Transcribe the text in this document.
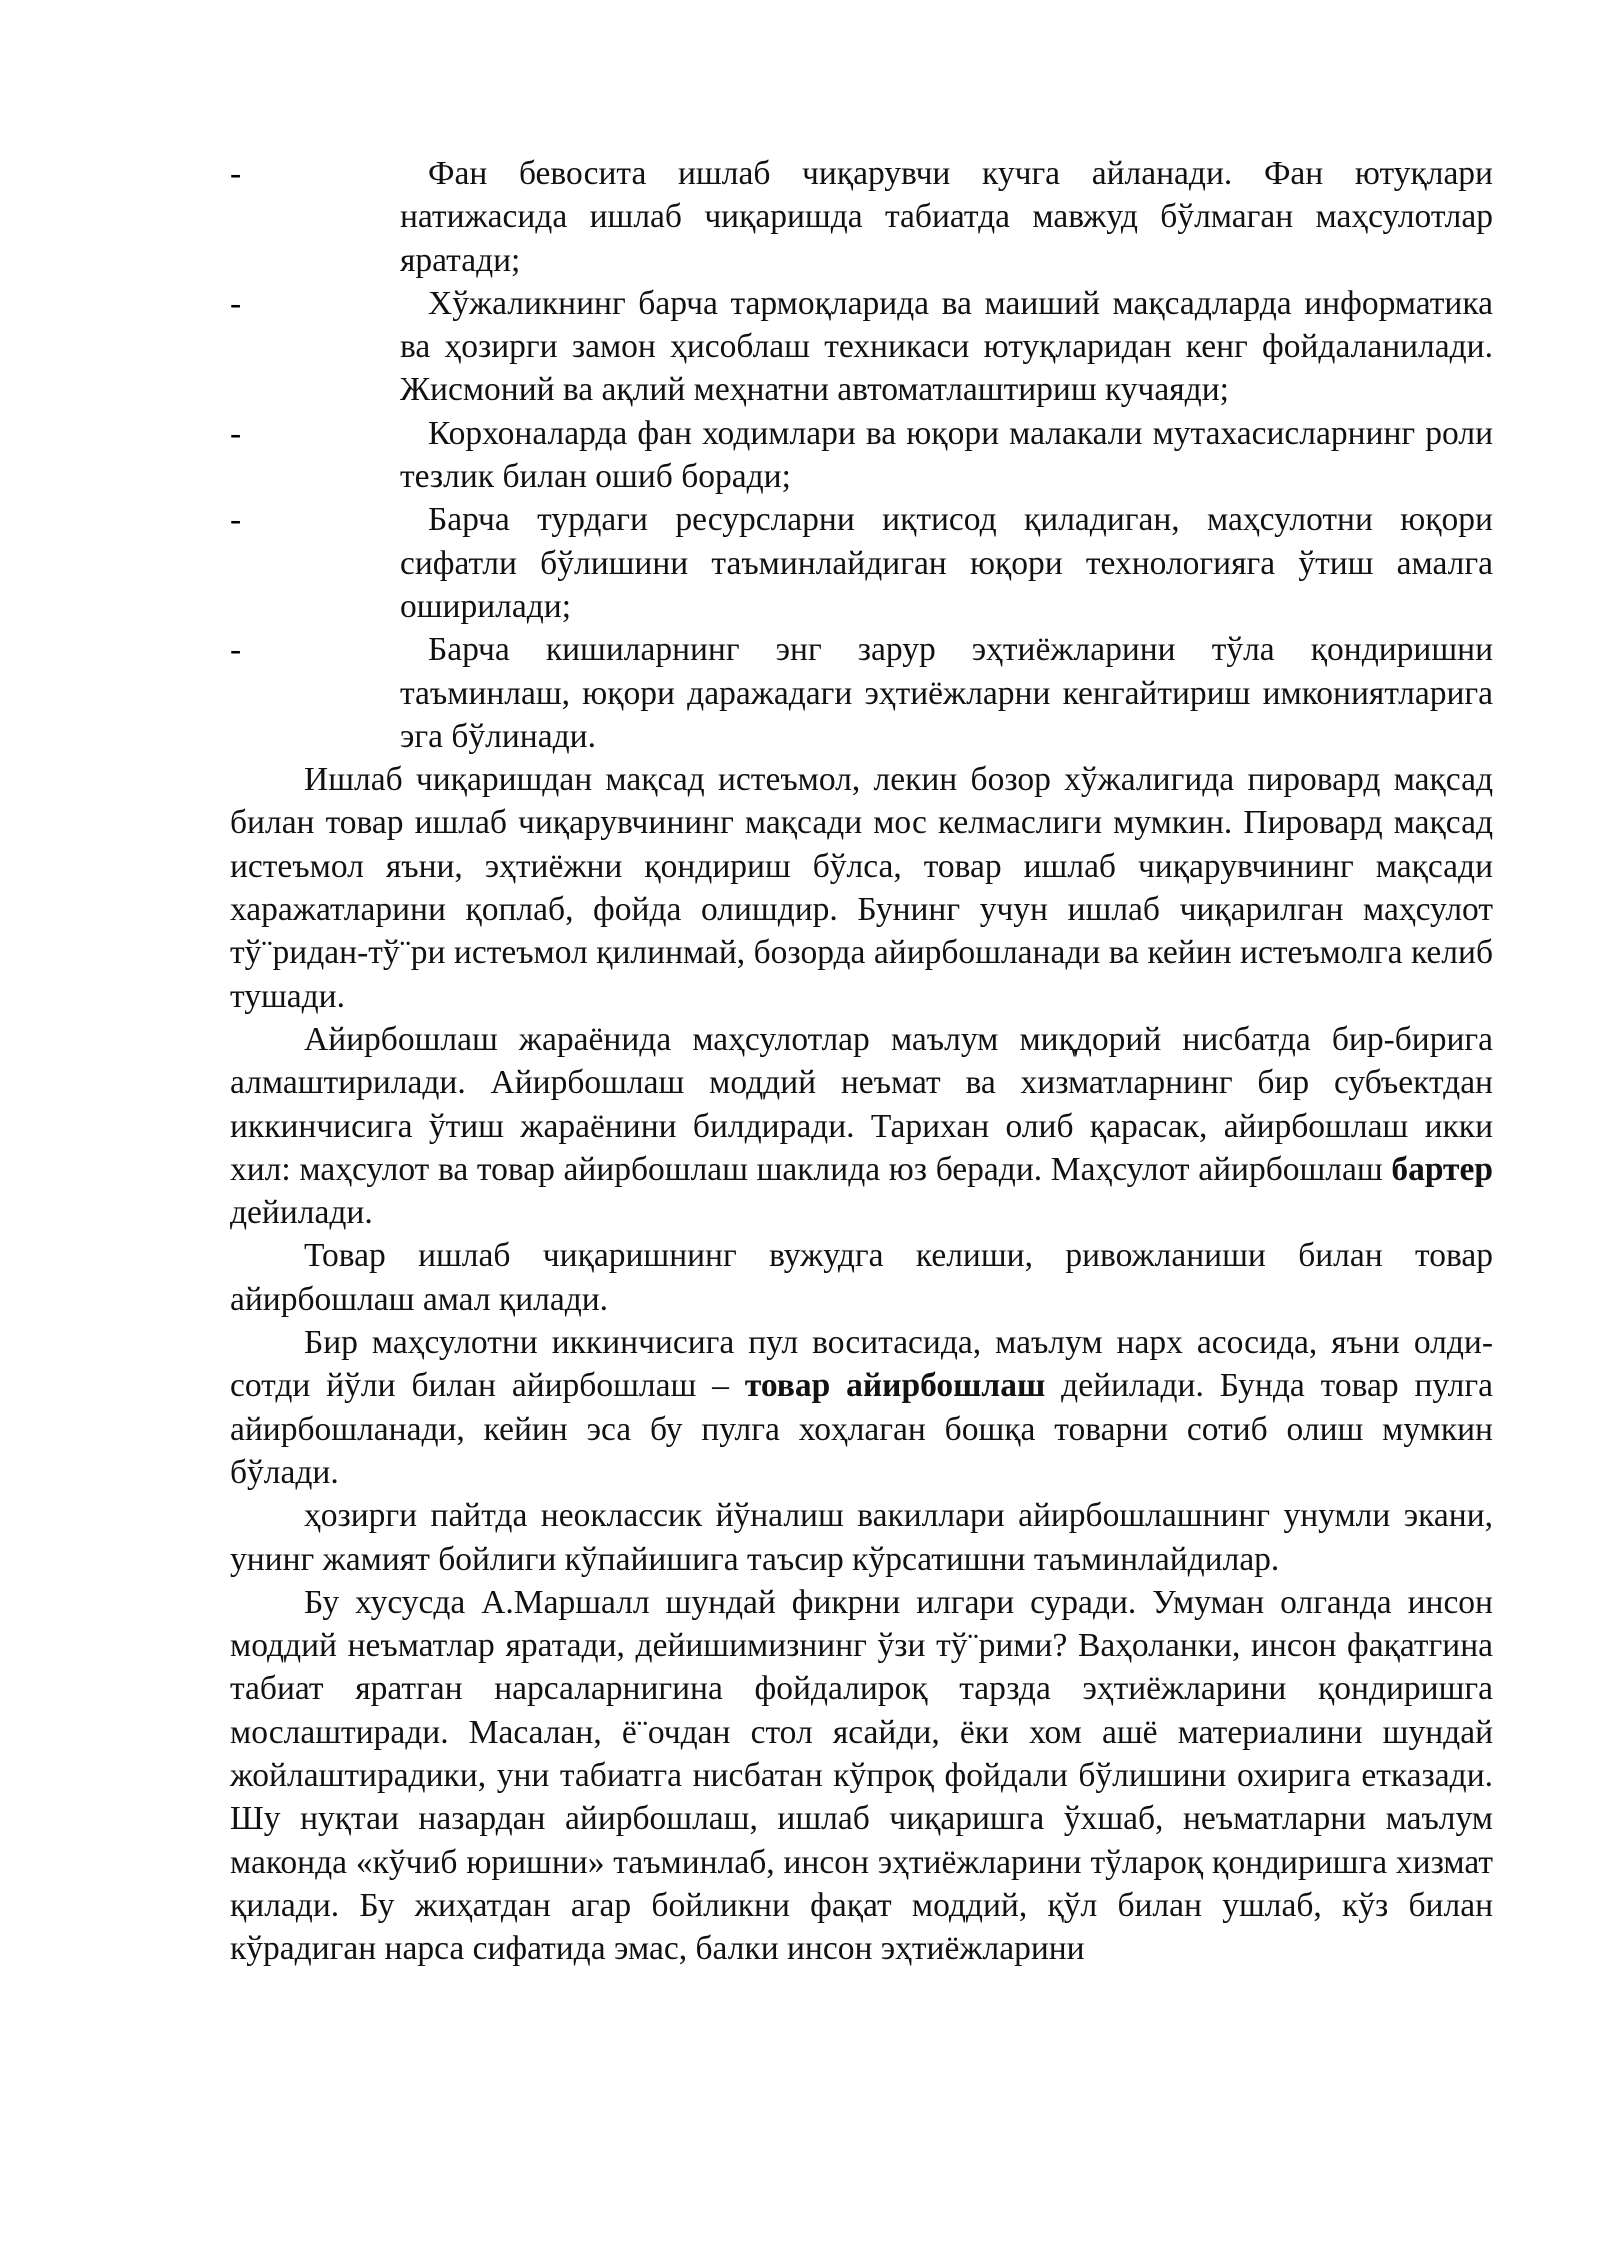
-	Фан бевосита ишлаб чиқарувчи кучга айланади. Фан ютуқлари натижасида ишлаб чиқаришда табиатда мавжуд бўлмаган маҳсулотлар яратади;
-	Хўжаликнинг барча тармоқларида ва маиший мақсадларда информатика ва ҳозирги замон ҳисоблаш техникаси ютуқларидан кенг фойдаланилади. Жисмоний ва ақлий меҳнатни автоматлаштириш кучаяди;
-	Корхоналарда фан ходимлари ва юқори малакали мутахасисларнинг роли тезлик билан ошиб боради;
-	Барча турдаги ресурсларни иқтисод қиладиган, маҳсулотни юқори сифатли бўлишини таъминлайдиган юқори технологияга ўтиш амалга оширилади;
-	Барча кишиларнинг энг зарур эҳтиёжларини тўла қондиришни таъминлаш, юқори даражадаги эҳтиёжларни кенгайтириш имкониятларига эга бўлинади.

Ишлаб чиқаришдан мақсад истеъмол, лекин бозор хўжалигида пировард мақсад билан товар ишлаб чиқарувчининг мақсади мос келмаслиги мумкин. Пировард мақсад истеъмол яъни, эҳтиёжни қондириш бўлса, товар ишлаб чиқарувчининг мақсади харажатларини қоплаб, фойда олишдир. Бунинг учун ишлаб чиқарилган маҳсулот тў¨ридан-тў¨ри истеъмол қилинмай, бозорда айирбошланади ва кейин истеъмолга келиб тушади.

Айирбошлаш жараёнида маҳсулотлар маълум миқдорий нисбатда бир-бирига алмаштирилади. Айирбошлаш моддий неъмат ва хизматларнинг бир субъектдан иккинчисига ўтиш жараёнини билдиради. Тарихан олиб қарасак, айирбошлаш икки хил: маҳсулот ва товар айирбошлаш шаклида юз беради. Маҳсулот айирбошлаш бартер дейилади.

Товар ишлаб чиқаришнинг вужудга келиши, ривожланиши билан товар айирбошлаш амал қилади.

Бир маҳсулотни иккинчисига пул воситасида, маълум нарх асосида, яъни олди-сотди йўли билан айирбошлаш – товар айирбошлаш дейилади. Бунда товар пулга айирбошланади, кейин эса бу пулга хоҳлаган бошқа товарни сотиб олиш мумкин бўлади.

ҳозирги пайтда неоклассик йўналиш вакиллари айирбошлашнинг унумли экани, унинг жамият бойлиги кўпайишига таъсир кўрсатишни таъминлайдилар.

Бу хусусда А.Маршалл шундай фикрни илгари суради. Умуман олганда инсон моддий неъматлар яратади, дейишимизнинг ўзи тў¨рими? Ваҳоланки, инсон фақатгина табиат яратган нарсаларнигина фойдалироқ тарзда эҳтиёжларини қондиришга мослаштиради. Масалан, ё¨очдан стол ясайди, ёки хом ашё материалини шундай жойлаштирадики, уни табиатга нисбатан кўпроқ фойдали бўлишини охирига етказади. Шу нуқтаи назардан айирбошлаш, ишлаб чиқаришга ўхшаб, неъматларни маълум маконда «кўчиб юришни» таъминлаб, инсон эҳтиёжларини тўлароқ қондиришга хизмат қилади. Бу жиҳатдан агар бойликни фақат моддий, қўл билан ушлаб, кўз билан кўрадиган нарса сифатида эмас, балки инсон эҳтиёжларини
